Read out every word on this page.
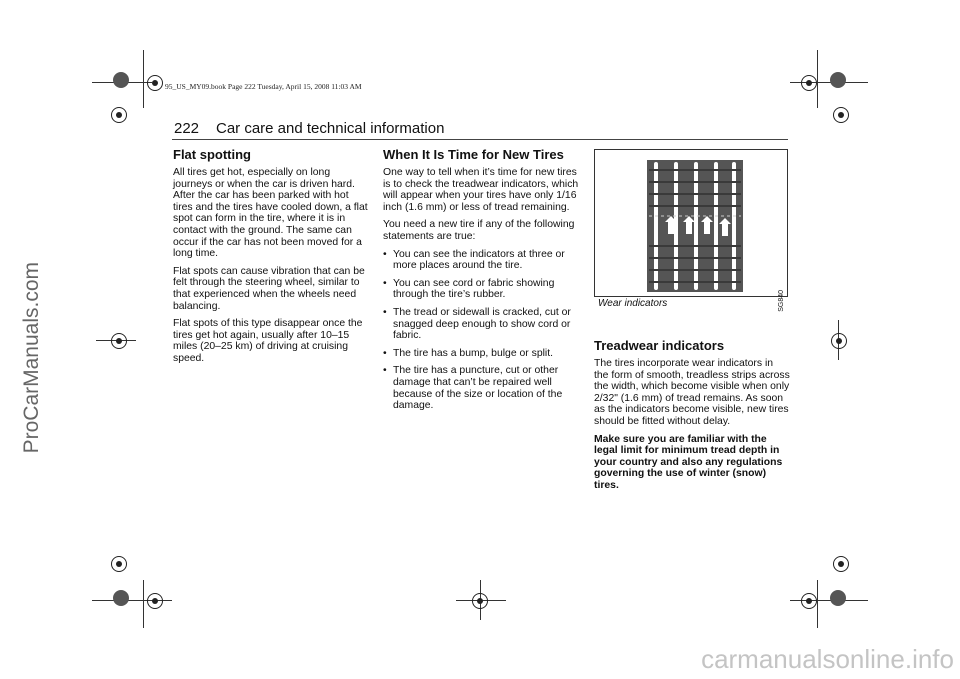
95_US_MY09.book Page 222 Tuesday, April 15, 2008 11:03 AM
222 Car care and technical information
Flat spotting

All tires get hot, especially on long journeys or when the car is driven hard. After the car has been parked with hot tires and the tires have cooled down, a flat spot can form in the tire, where it is in contact with the ground. The same can occur if the car has not been moved for a long time.

Flat spots can cause vibration that can be felt through the steering wheel, similar to that experienced when the wheels need balancing.

Flat spots of this type disappear once the tires get hot again, usually after 10–15 miles (20–25 km) of driving at cruising speed.

When It Is Time for New Tires

One way to tell when it’s time for new tires is to check the treadwear indicators, which will appear when your tires have only 1/16 inch (1.6 mm) or less of tread remaining.

You need a new tire if any of the following statements are true:

• You can see the indicators at three or more places around the tire.
• You can see cord or fabric showing through the tire’s rubber.
• The tread or sidewall is cracked, cut or snagged deep enough to show cord or fabric.
• The tire has a bump, bulge or split.
• The tire has a puncture, cut or other damage that can’t be repaired well because of the size or location of the damage.
SG840
Wear indicators
Treadwear indicators

The tires incorporate wear indicators in the form of smooth, treadless strips across the width, which become visible when only 2/32" (1.6 mm) of tread remains. As soon as the indicators become visible, new tires should be fitted without delay.

Make sure you are familiar with the legal limit for minimum tread depth in your country and also any regulations governing the use of winter (snow) tires.

ProCarManuals.com
carmanualsonline.info
